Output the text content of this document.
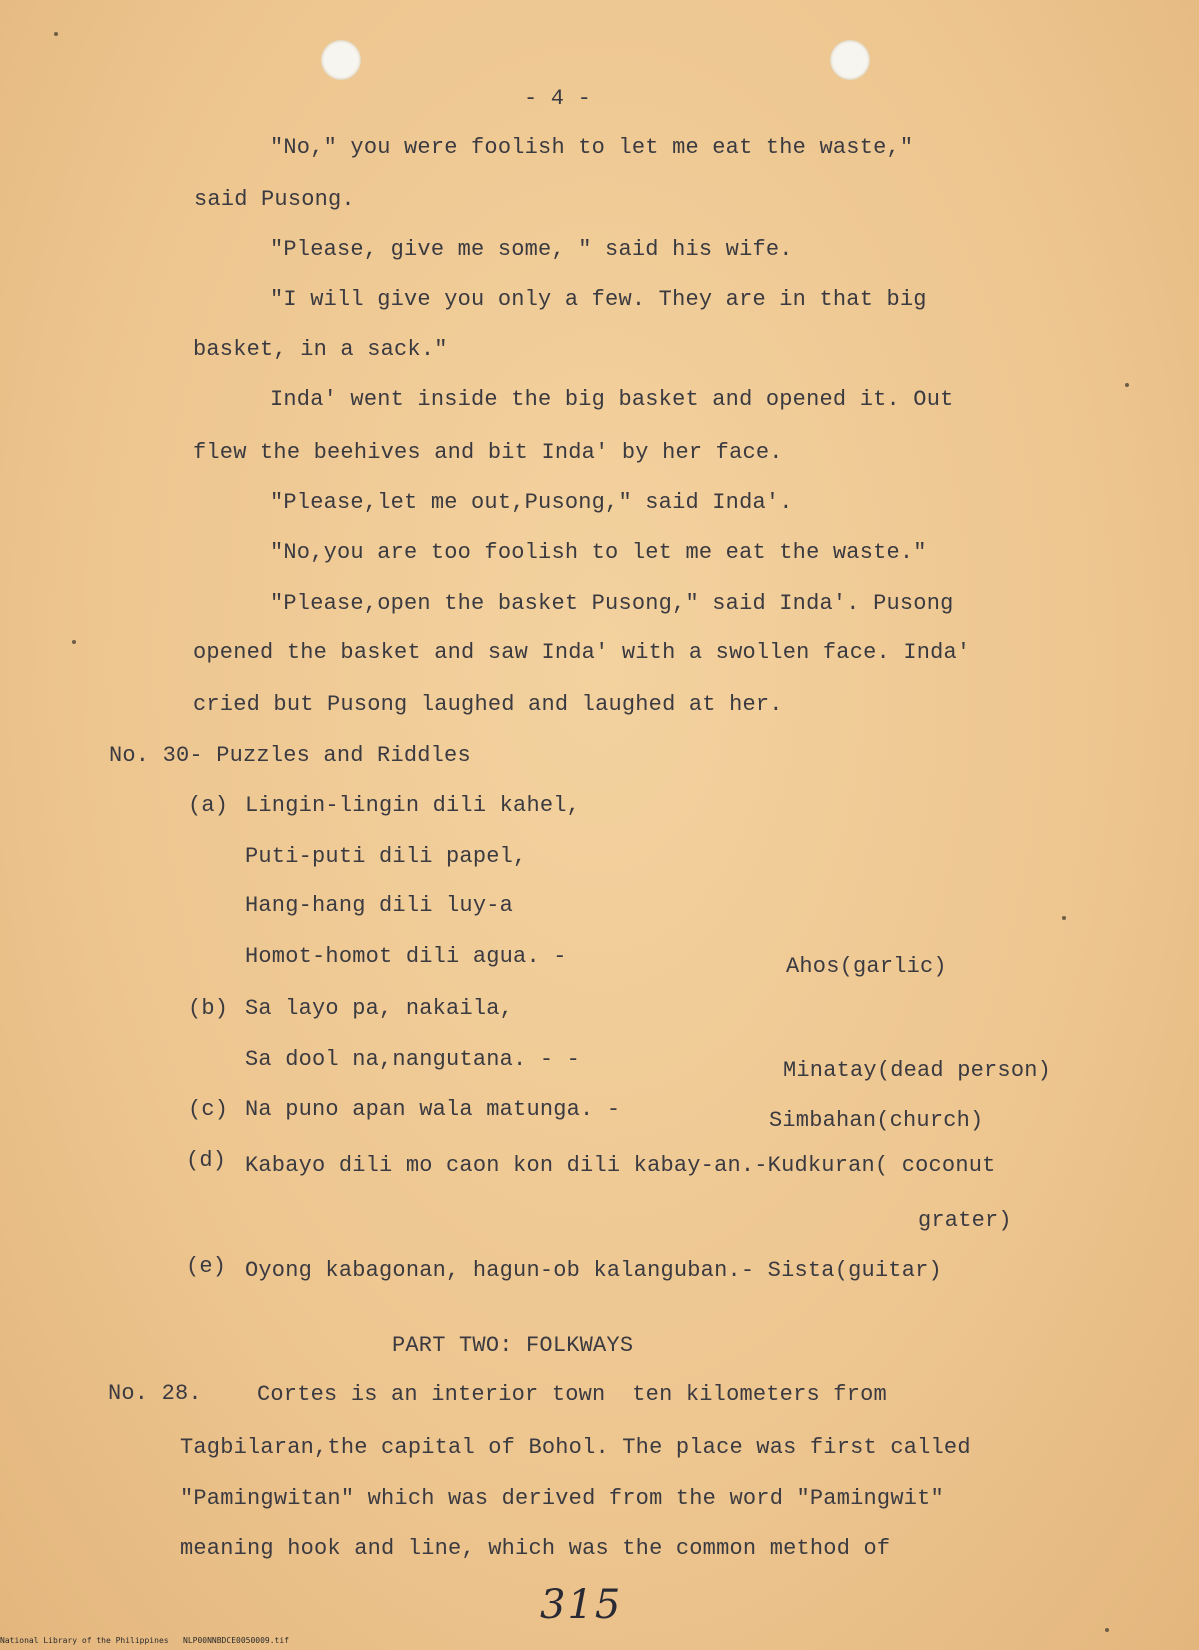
- 4 -
"No," you were foolish to let me eat the waste,"
said Pusong.
"Please, give me some, " said his wife.
"I will give you only a few. They are in that big
basket, in a sack."
Inda' went inside the big basket and opened it. Out
flew the beehives and bit Inda' by her face.
"Please,let me out,Pusong," said Inda'.
"No,you are too foolish to let me eat the waste."
"Please,open the basket Pusong," said Inda'. Pusong
opened the basket and saw Inda' with a swollen face. Inda'
cried but Pusong laughed and laughed at her.
No. 30- Puzzles and Riddles
(a) Lingin-lingin dili kahel,
Puti-puti dili papel,
Hang-hang dili luy-a
Homot-homot dili agua. -	Ahos(garlic)
(b) Sa layo pa, nakaila,
Sa dool na,nangutana. - -	Minatay(dead person)
(c) Na puno apan wala matunga. -	Simbahan(church)
(d) Kabayo dili mo caon kon dili kabay-an.-Kudkuran( coconut
grater)
(e) Oyong kabagonan, hagun-ob kalanguban.- Sista(guitar)
PART TWO: FOLKWAYS
No. 28.	Cortes is an interior town  ten kilometers from
Tagbilaran,the capital of Bohol. The place was first called
"Pamingwitan" which was derived from the word "Pamingwit"
meaning hook and line, which was the common method of
315
National Library of the Philippines   NLP00NNBDCE0050009.tif
